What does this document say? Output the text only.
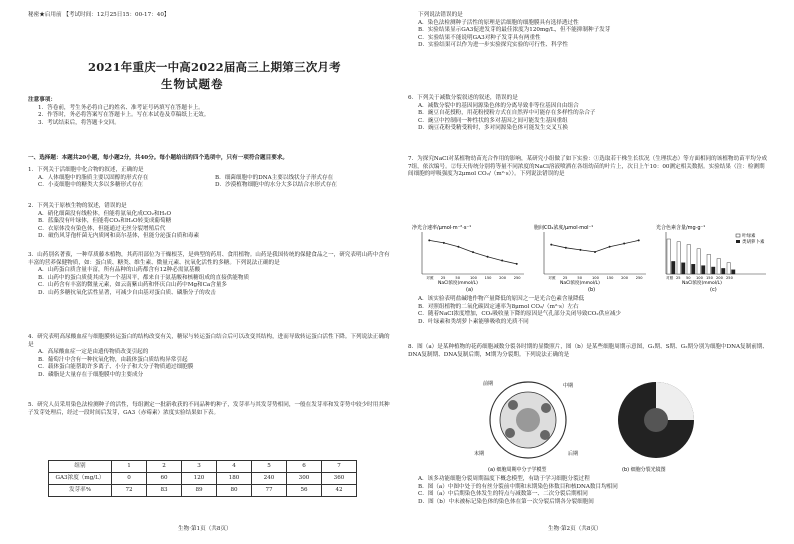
秘密★启用前 【考试时间：12月25日15：00-17：40】
2021年重庆一中高2022届高三上期第三次月考
生物试题卷
注意事项：
1．答卷前，考生务必将自己的姓名、准考证号码填写在答题卡上。
2．作答时，务必将答案写在答题卡上。写在本试卷及草稿纸上无效。
3．考试结束后，将答题卡交回。
一、选择题：本题共20小题，每小题2分，共40分。每小题给出的四个选项中，只有一项符合题目要求。
1．下列关于活细胞中化合物的叙述，正确的是
A．人体细胞中的脂质主要以固醇的形式存在	B．细菌细胞中的DNA主要以线状分子形式存在
C．小麦细胞中的糖类大多以多糖形式存在	D．沙漠植物细胞中的水分大多以结合水形式存在
2．下列关于原核生物的叙述，错误的是
A．硝化细菌没有线粒体，但能将氨氧化成CO₂和H₂O
B．蓝藻没有叶绿体，但能将CO₂和H₂O转变成葡萄糖
C．衣原体没有染色体，但能通过无丝分裂增殖后代
D．破伤风芽孢杆菌无内质网和高尔基体，但能分泌蛋白质和毒素
3．山药别名著蓣，一种草质藤本植物，其药用部位为干燥根茎，是典型的药用、食用植物。山药是我国传统的保健食品之一，研究表明山药中含有丰富的营养保健物质，如：蛋白质、糖类、维生素、微量元素、抗氧化活性的多糖。下列说法正确的是
A．山药蛋白质含量丰富，所有品种的山药都含有12种必需氨基酸
B．山药中的蛋白质使其成为一个基因平，都来自于氨基酸和核糖组成的直接供能物质
C．山药含有丰富的微量元素，如云南紫山药和怀庆白山药中Mg和Ca含量多
D．山药多糖抗氧化活性显著，可减少自由基对蛋白质、磷脂分子的攻击
4．研究表明高尿酸血症与细胞膜转运蛋白的结构改变有关，糖尿与转运蛋白结合后可以改变其结构，进而导致转运蛋白活性下降。下列说法正确的是
A．高尿酸血症一定是由遗传物质改变引起的
B．葡萄汁中含有一种抗氧化物，由载体蛋白质结构异常引起
C．载体蛋白能帮助许多离子、小分子和大分子物质通过细胞膜
D．磷脂是大量存在于细胞膜中的主要成分
5．研究人员采用染色法检测种子的活性，每组测定一批新收获的不同品种的种子，发芽率与其发芽势相同，一般在发芽率和发芽势中较少时用其种子发芽处理后，经过一段时间后发芽，GA3（赤霉素）浓度实验结果如下表。
组别	1	2	3	4	5	6	7
GA3浓度（mg/L）	0	60	120	180	240	300	360
发芽率%	72	83	89	80	77	56	42
生物·第1页（共8页）
下列说法错误的是
A．染色法检测种子活性的原理是活细胞的细胞膜具有选择透过性
B．实验结果显示GA3促进发芽的最佳浓度为120mg/L，但不能抑制种子发芽
C．实验结果不能说明GA3对种子发芽具有两重性
D．实验结果可以作为进一步实验探究实验的可行性、科学性
6．下列关于减数分裂叙述的叙述，错误的是
A．减数分裂中的基因同源染色体的分离导致非等位基因自由组合
B．豌豆自花授粉，用花粉授粉方式在自然界中可能存在多样性的杂合子
C．豌豆中控制同一种性状的多对基因之间可能发生基因重组
D．豌豆花粉受精受粉时，多对同源染色体可能发生交叉互换
7．为探究NaCl对某植物幼苗光合作用的影响，某研究小组做了如下实验：①选取若干株生长状况（生理状态）等方面相同的该植物幼苗平均分成7组，依次编号。②每天传统分别将等量不同浓度的NaCl溶液喷洒在各组幼苗的叶片上，次日上午10：00测定相关数据。实验结果（注：检测期间细胞的呼吸强度为2μmol CO₂/（m²·s））。下列说法错误的是
净光合速率/μmol·m⁻²·s⁻¹
对照 25	50	100 150 200 250
NaCl浓度(mmol/L)
(a)
胞间CO₂浓度/μmol·mol⁻¹
对照 25	50	100 150 200 250
NaCl浓度(mmol/L)
(b)
光合色素含量/mg·g⁻¹
对照 25 50 100 150 200 250
叶绿素
类胡萝卜素
NaCl浓度(mmol/L)
(c)
A．该实验表明盐碱地作物产量降低的原因之一是光合色素含量降低
B．对照组植物的二氧化碳固定速率为8μmol CO₂/（m²·s）左右
C．随着NaCl浓度增加，CO₂吸收量下降的原因是气孔部分关闭导致CO₂供应减少
D．叶绿素和类胡萝卜素能够吸收的光质不同
8．图（a）是某种植物的花药细胞减数分裂各时期的显微照片，图（b）是某些细胞周期示意图，G₁期、S期、G₂期分别为细胞中DNA复制前期、DNA复制期、DNA复制后期，M期为分裂期。下列说法正确的是
前期	中期
后期
末期
(a) 细胞周期中分子学模型	(b) 细胞分裂光镜图
A．该多功能细胞分裂周期温度下概念模型，有助于学习细胞分裂过程
B．图（a）中图中处于的有丝分裂前中期和末期染色体数目和核DNA数目均相同
C．图（a）中后期染色体发生的特点与减数第一、二次分裂后期相同
D．图（b）中未被标记染色体的染色体在第一次分裂后期各分裂细胞间
生物·第2页（共8页）
